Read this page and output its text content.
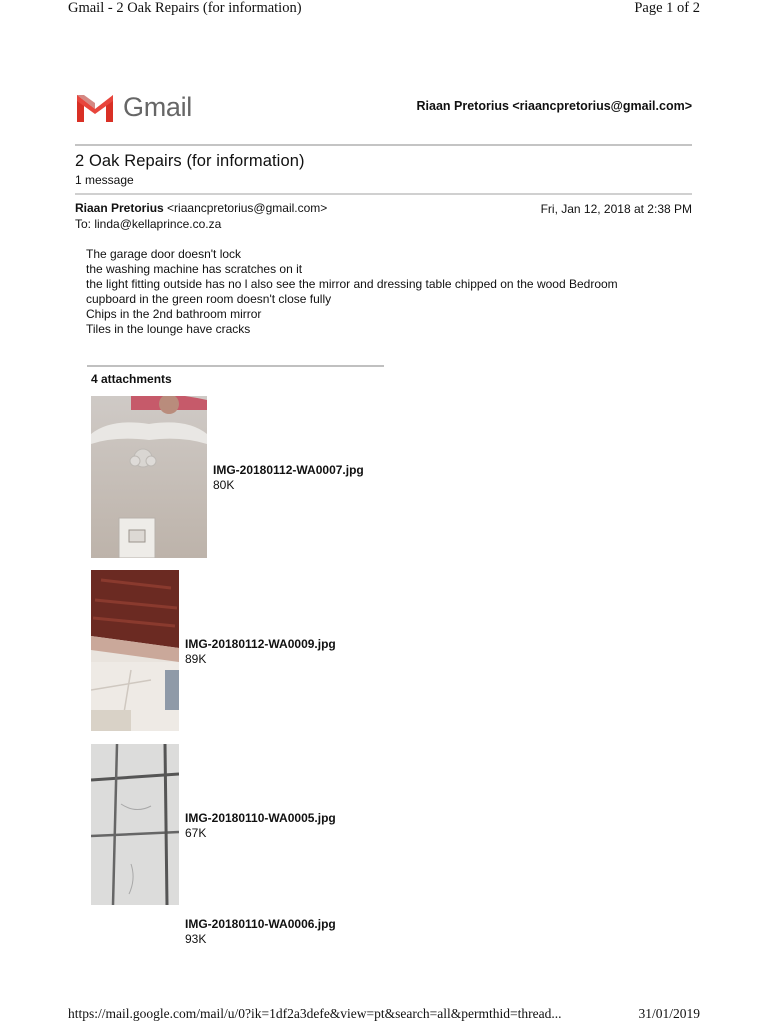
Gmail - 2 Oak Repairs (for information)	Page 1 of 2
Gmail	Riaan Pretorius <riaancpretorius@gmail.com>
2 Oak Repairs (for information)
1 message
Riaan Pretorius <riaancpretorius@gmail.com>	Fri, Jan 12, 2018 at 2:38 PM
To: linda@kellaprince.co.za
The garage door doesn't lock
the washing machine has scratches on it
the light fitting outside has no l also see the mirror and dressing table chipped on the wood Bedroom
cupboard in the green room doesn't close fully
Chips in the 2nd bathroom mirror
Tiles in the lounge have cracks
4 attachments
IMG-20180112-WA0007.jpg
80K
IMG-20180112-WA0009.jpg
89K
IMG-20180110-WA0005.jpg
67K
IMG-20180110-WA0006.jpg
93K
https://mail.google.com/mail/u/0?ik=1df2a3defe&view=pt&search=all&permthid=thread...	31/01/2019
